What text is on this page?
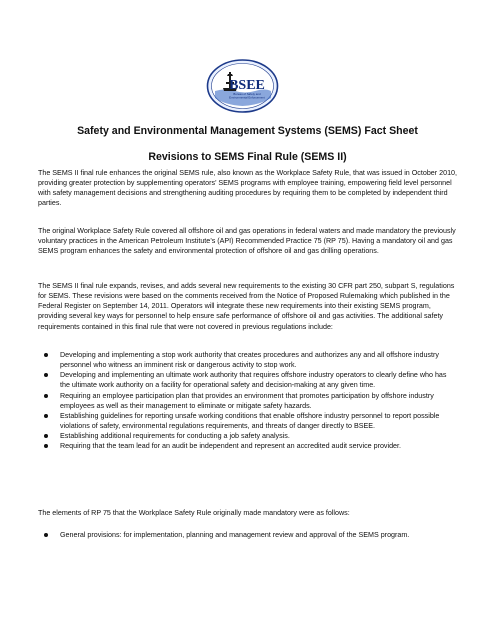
BSEE
Bureau of Safety and
Environmental Enforcement
Safety and Environmental Management Systems (SEMS) Fact Sheet
Revisions to SEMS Final Rule (SEMS II)

The SEMS II final rule enhances the original SEMS rule, also known as the Workplace Safety Rule, that was issued in October 2010, providing greater protection by supplementing operators’ SEMS programs with employee training, empowering field level personnel with safety management decisions and strengthening auditing procedures by requiring them to be completed by independent third parties.

The original Workplace Safety Rule covered all offshore oil and gas operations in federal waters and made mandatory the previously voluntary practices in the American Petroleum Institute’s (API) Recommended Practice 75 (RP 75). Having a mandatory oil and gas SEMS program enhances the safety and environmental protection of offshore oil and gas drilling operations.

The SEMS II final rule expands, revises, and adds several new requirements to the existing 30 CFR part 250, subpart S, regulations for SEMS. These revisions were based on the comments received from the Notice of Proposed Rulemaking which published in the Federal Register on September 14, 2011. Operators will integrate these new requirements into their existing SEMS program, providing several key ways for personnel to help ensure safe performance of offshore oil and gas activities. The additional safety requirements contained in this final rule that were not covered in previous regulations include:

Developing and implementing a stop work authority that creates procedures and authorizes any and all offshore industry personnel who witness an imminent risk or dangerous activity to stop work.
Developing and implementing an ultimate work authority that requires offshore industry operators to clearly define who has the ultimate work authority on a facility for operational safety and decision-making at any given time.
Requiring an employee participation plan that provides an environment that promotes participation by offshore industry employees as well as their management to eliminate or mitigate safety hazards.
Establishing guidelines for reporting unsafe working conditions that enable offshore industry personnel to report possible violations of safety, environmental regulations requirements, and threats of danger directly to BSEE.
Establishing additional requirements for conducting a job safety analysis.
Requiring that the team lead for an audit be independent and represent an accredited audit service provider.

The elements of RP 75 that the Workplace Safety Rule originally made mandatory were as follows:

General provisions: for implementation, planning and management review and approval of the SEMS program.
